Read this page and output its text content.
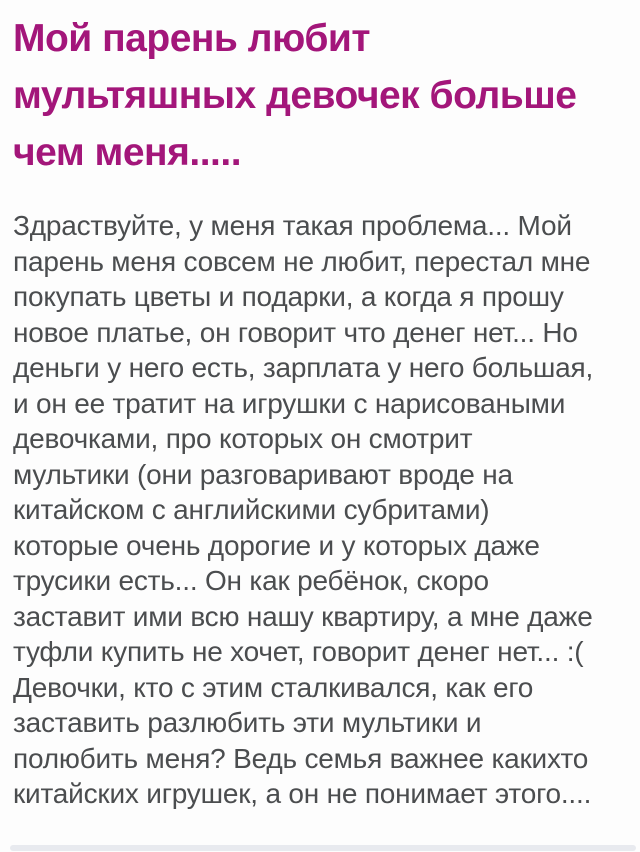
Мой парень любит
мультяшных девочек больше
чем меня.....
Здраствуйте, у меня такая проблема... Мой
парень меня совсем не любит, перестал мне
покупать цветы и подарки, а когда я прошу
новое платье, он говорит что денег нет... Но
деньги у него есть, зарплата у него большая,
и он ее тратит на игрушки с нарисоваными
девочками, про которых он смотрит
мультики (они разговаривают вроде на
китайском с английскими субритами)
которые очень дорогие и у которых даже
трусики есть... Он как ребёнок, скоро
заставит ими всю нашу квартиру, а мне даже
туфли купить не хочет, говорит денег нет... :(
Девочки, кто с этим сталкивался, как его
заставить разлюбить эти мультики и
полюбить меня? Ведь семья важнее какихто
китайских игрушек, а он не понимает этого....
